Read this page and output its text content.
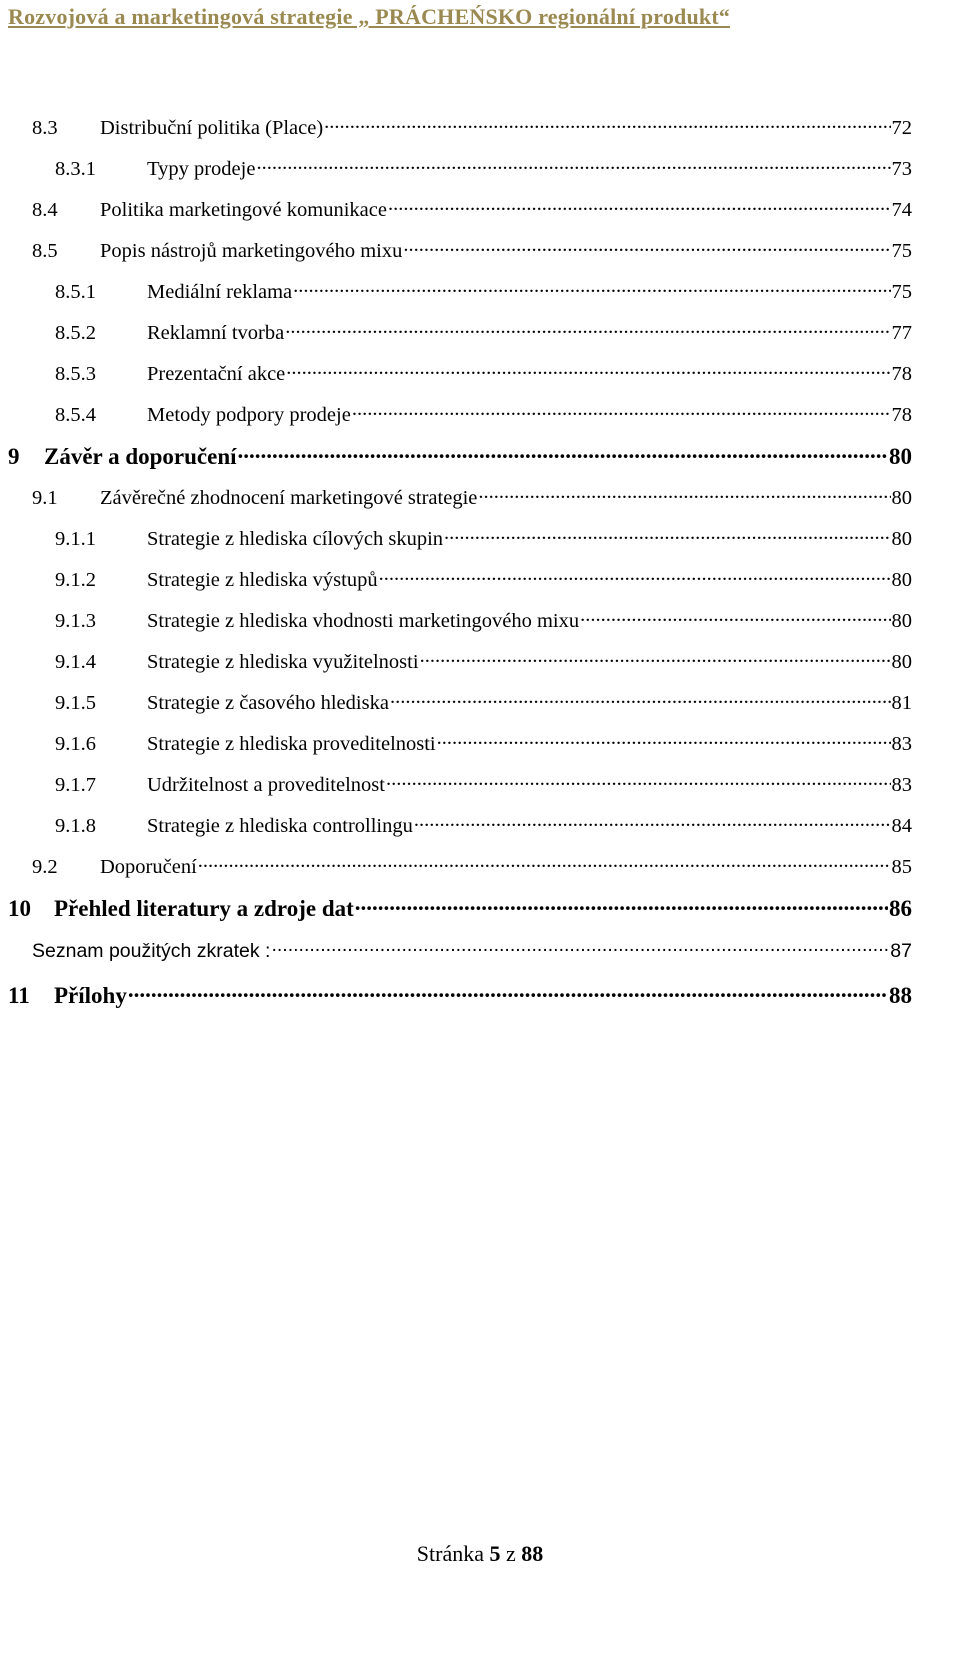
Rozvojová a marketingová strategie „ PRÁCHEŃSKO regionální produkt“
8.3	Distribuční politika (Place) .....	72
8.3.1	Typy prodeje .....	73
8.4	Politika marketingové komunikace .....	74
8.5	Popis nástrojů marketingového mixu .....	75
8.5.1	Mediální reklama .....	75
8.5.2	Reklamní tvorba .....	77
8.5.3	Prezentační akce .....	78
8.5.4	Metody podpory prodeje .....	78
9	Závěr a doporučení .....	80
9.1	Závěrečné zhodnocení marketingové strategie .....	80
9.1.1	Strategie z hlediska cílových skupin .....	80
9.1.2	Strategie z hlediska výstupů .....	80
9.1.3	Strategie z hlediska vhodnosti marketingového mixu .....	80
9.1.4	Strategie z hlediska využitelnosti .....	80
9.1.5	Strategie z časového hlediska .....	81
9.1.6	Strategie z hlediska proveditelnosti .....	83
9.1.7	Udržitelnost a proveditelnost .....	83
9.1.8	Strategie z hlediska controllingu .....	84
9.2	Doporučení .....	85
10	Přehled literatury a zdroje dat .....	86
Seznam použitých zkratek : .....	87
11	Přílohy .....	88
Stránka 5 z 88
